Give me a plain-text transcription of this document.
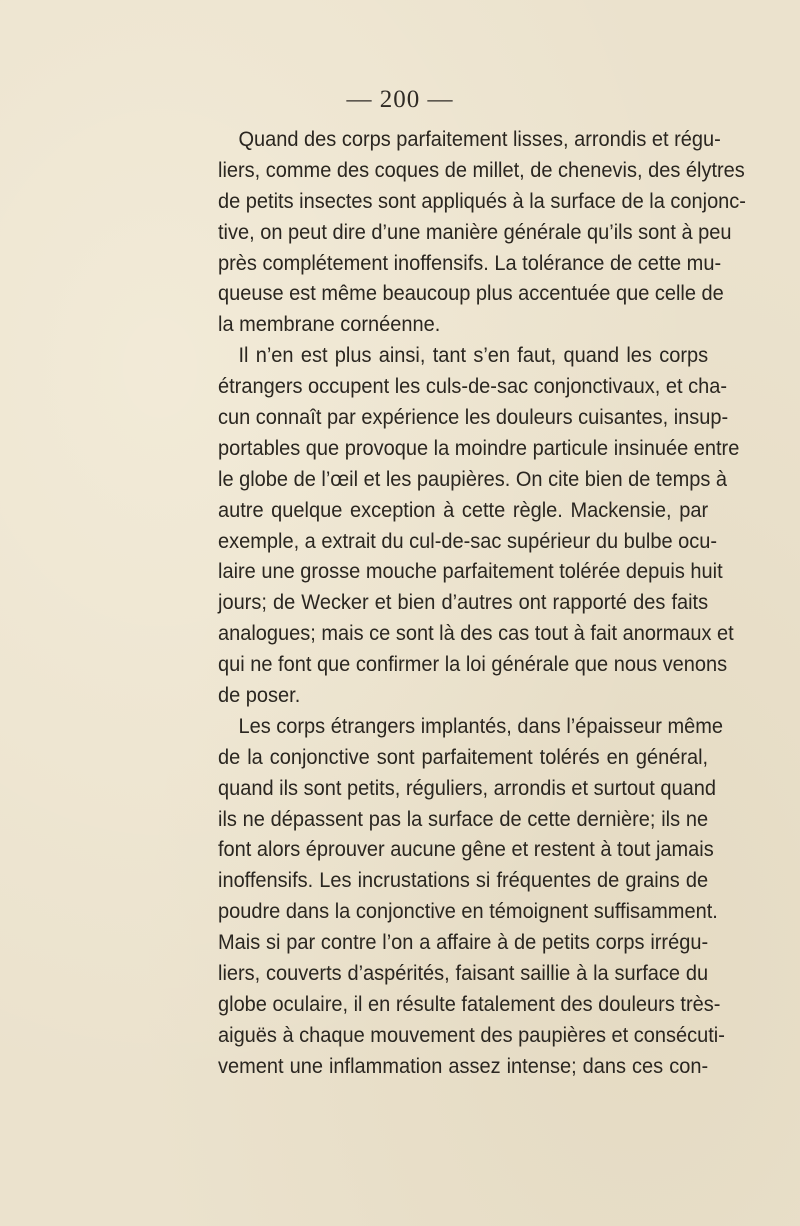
— 200 —
Quand des corps parfaitement lisses, arrondis et régu-
liers, comme des coques de millet, de chenevis, des élytres
de petits insectes sont appliqués à la surface de la conjonc-
tive, on peut dire d’une manière générale qu’ils sont à peu
près complétement inoffensifs. La tolérance de cette mu-
queuse est même beaucoup plus accentuée que celle de
la membrane cornéenne.
Il n’en est plus ainsi, tant s’en faut, quand les corps
étrangers occupent les culs-de-sac conjonctivaux, et cha-
cun connaît par expérience les douleurs cuisantes, insup-
portables que provoque la moindre particule insinuée entre
le globe de l’œil et les paupières. On cite bien de temps à
autre quelque exception à cette règle. Mackensie, par
exemple, a extrait du cul-de-sac supérieur du bulbe ocu-
laire une grosse mouche parfaitement tolérée depuis huit
jours; de Wecker et bien d’autres ont rapporté des faits
analogues; mais ce sont là des cas tout à fait anormaux et
qui ne font que confirmer la loi générale que nous venons
de poser.
Les corps étrangers implantés, dans l’épaisseur même
de la conjonctive sont parfaitement tolérés en général,
quand ils sont petits, réguliers, arrondis et surtout quand
ils ne dépassent pas la surface de cette dernière; ils ne
font alors éprouver aucune gêne et restent à tout jamais
inoffensifs. Les incrustations si fréquentes de grains de
poudre dans la conjonctive en témoignent suffisamment.
Mais si par contre l’on a affaire à de petits corps irrégu-
liers, couverts d’aspérités, faisant saillie à la surface du
globe oculaire, il en résulte fatalement des douleurs très-
aiguës à chaque mouvement des paupières et consécuti-
vement une inflammation assez intense; dans ces con-
